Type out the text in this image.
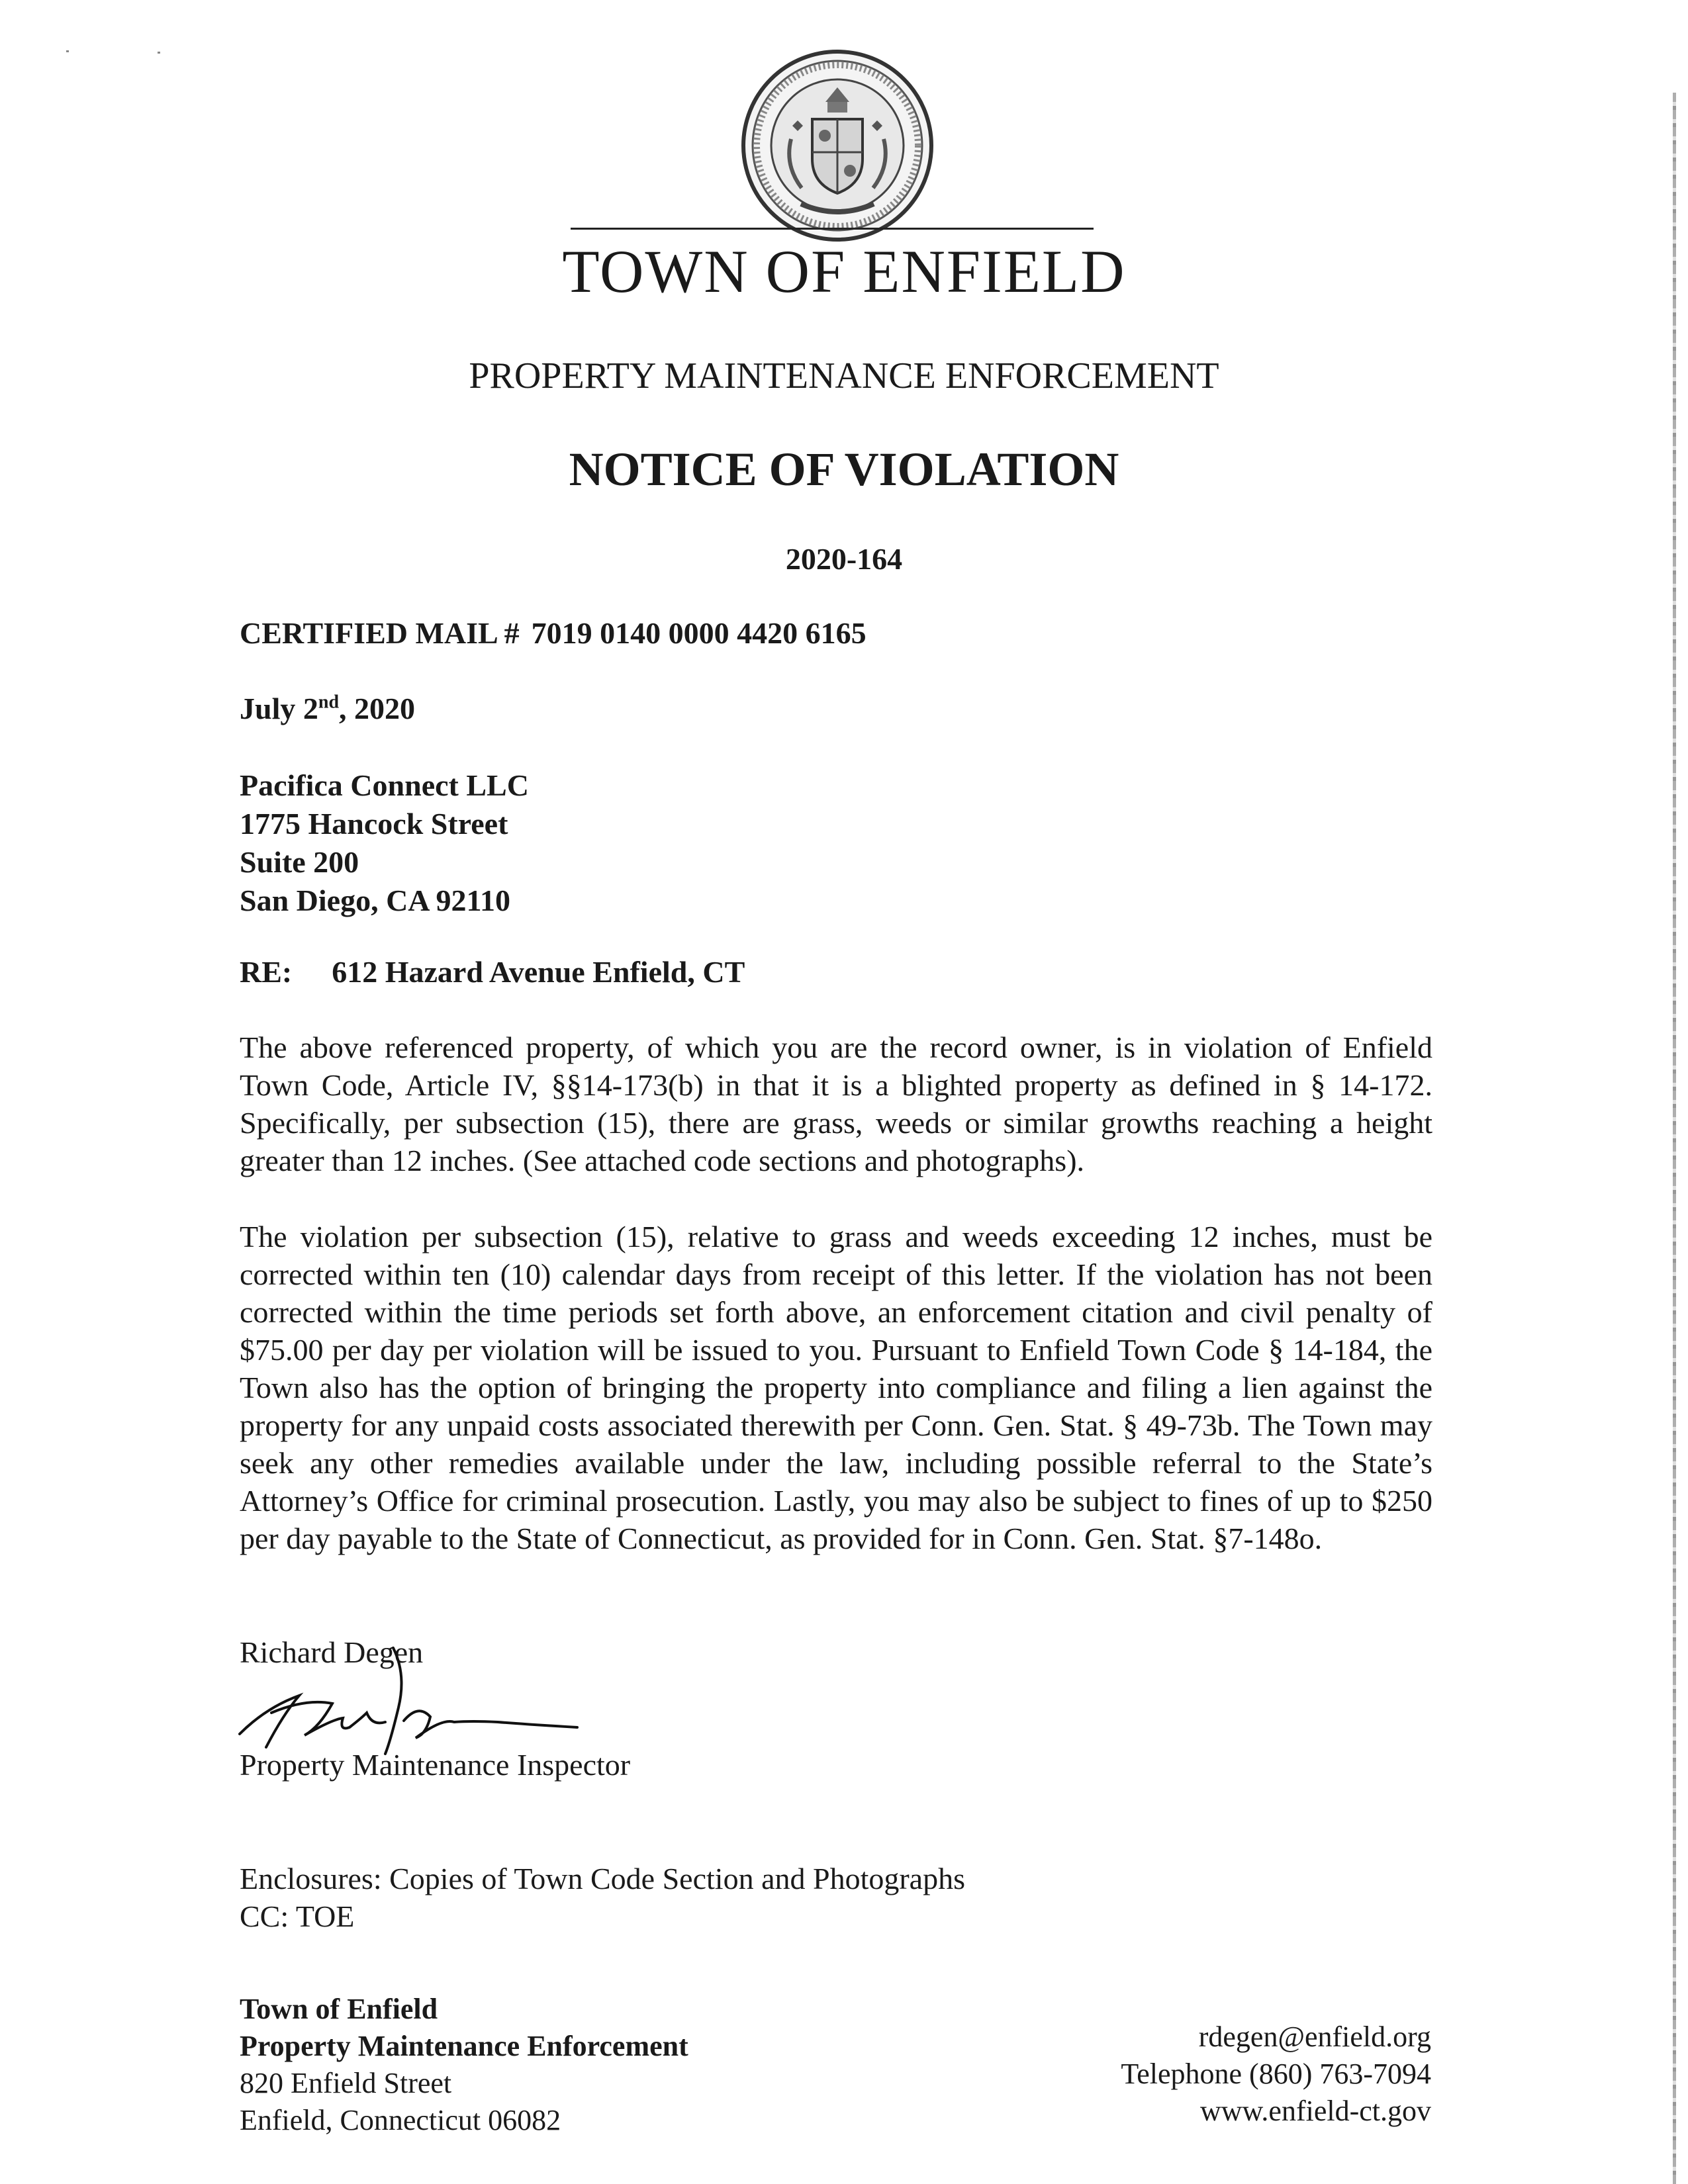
TOWN OF ENFIELD
PROPERTY MAINTENANCE ENFORCEMENT
NOTICE OF VIOLATION
2020-164
CERTIFIED MAIL # 7019 0140 0000 4420 6165
July 2nd, 2020
Pacifica Connect LLC
1775 Hancock Street
Suite 200
San Diego, CA 92110
RE: 612 Hazard Avenue Enfield, CT
The above referenced property, of which you are the record owner, is in violation of Enfield Town Code, Article IV, §§14-173(b) in that it is a blighted property as defined in § 14-172. Specifically, per subsection (15), there are grass, weeds or similar growths reaching a height greater than 12 inches. (See attached code sections and photographs).
The violation per subsection (15), relative to grass and weeds exceeding 12 inches, must be corrected within ten (10) calendar days from receipt of this letter. If the violation has not been corrected within the time periods set forth above, an enforcement citation and civil penalty of $75.00 per day per violation will be issued to you. Pursuant to Enfield Town Code § 14-184, the Town also has the option of bringing the property into compliance and filing a lien against the property for any unpaid costs associated therewith per Conn. Gen. Stat. § 49-73b. The Town may seek any other remedies available under the law, including possible referral to the State’s Attorney’s Office for criminal prosecution. Lastly, you may also be subject to fines of up to $250 per day payable to the State of Connecticut, as provided for in Conn. Gen. Stat. §7-148o.
Richard Degen
Property Maintenance Inspector
Enclosures: Copies of Town Code Section and Photographs
CC: TOE
Town of Enfield
Property Maintenance Enforcement
820 Enfield Street
Enfield, Connecticut 06082
rdegen@enfield.org
Telephone (860) 763-7094
www.enfield-ct.gov
